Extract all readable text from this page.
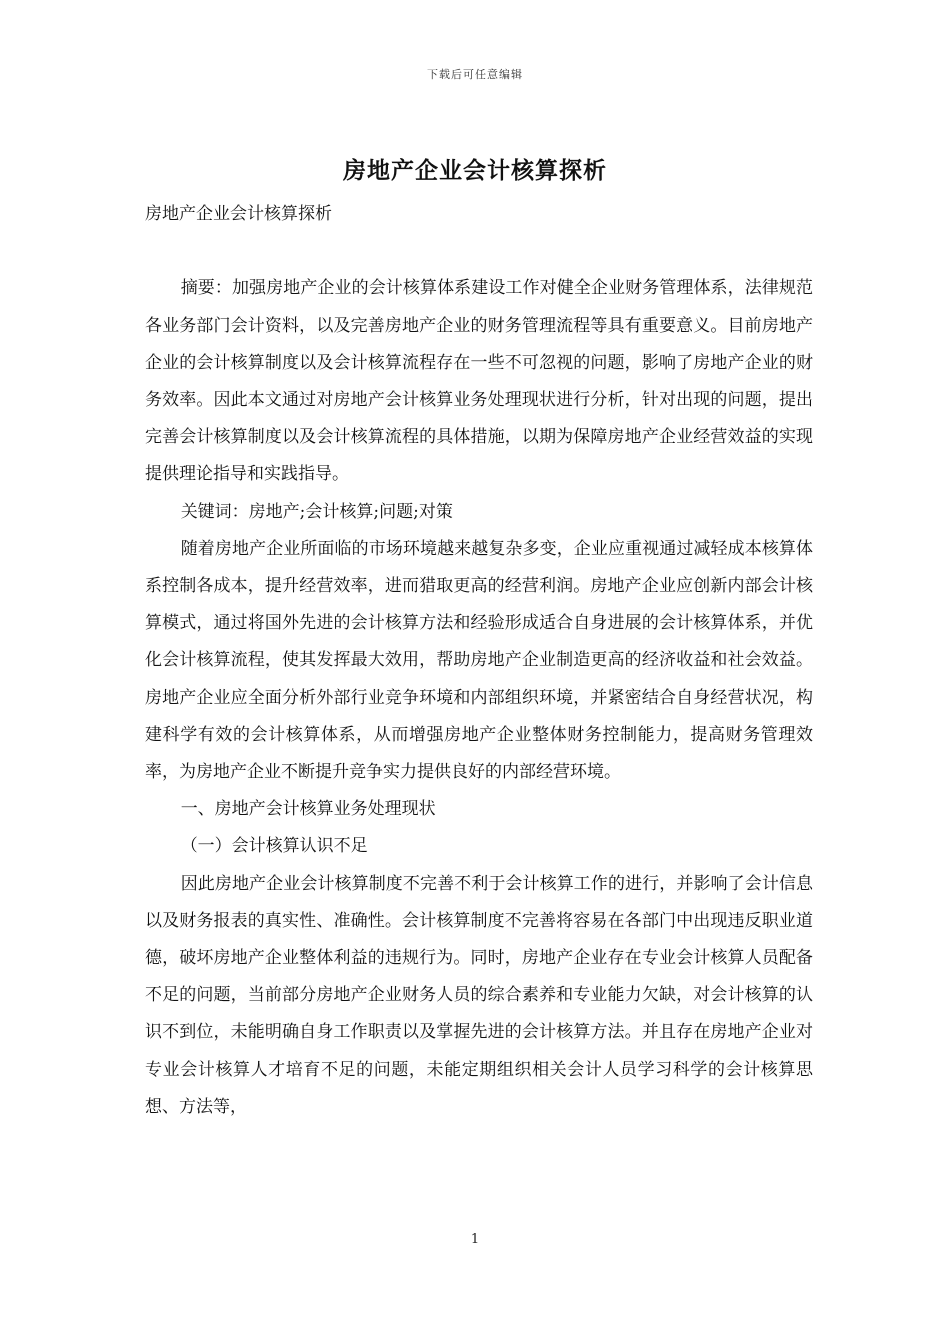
下载后可任意编辑
房地产企业会计核算探析

房地产企业会计核算探析

摘要：加强房地产企业的会计核算体系建设工作对健全企业财务管理体系，法律规范各业务部门会计资料，以及完善房地产企业的财务管理流程等具有重要意义。目前房地产企业的会计核算制度以及会计核算流程存在一些不可忽视的问题，影响了房地产企业的财务效率。因此本文通过对房地产会计核算业务处理现状进行分析，针对出现的问题，提出完善会计核算制度以及会计核算流程的具体措施，以期为保障房地产企业经营效益的实现提供理论指导和实践指导。

关键词：房地产;会计核算;问题;对策

随着房地产企业所面临的市场环境越来越复杂多变，企业应重视通过减轻成本核算体系控制各成本，提升经营效率，进而猎取更高的经营利润。房地产企业应创新内部会计核算模式，通过将国外先进的会计核算方法和经验形成适合自身进展的会计核算体系，并优化会计核算流程，使其发挥最大效用，帮助房地产企业制造更高的经济收益和社会效益。房地产企业应全面分析外部行业竞争环境和内部组织环境，并紧密结合自身经营状况，构建科学有效的会计核算体系，从而增强房地产企业整体财务控制能力，提高财务管理效率，为房地产企业不断提升竞争实力提供良好的内部经营环境。

一、房地产会计核算业务处理现状

（一）会计核算认识不足

因此房地产企业会计核算制度不完善不利于会计核算工作的进行，并影响了会计信息以及财务报表的真实性、准确性。会计核算制度不完善将容易在各部门中出现违反职业道德，破坏房地产企业整体利益的违规行为。同时，房地产企业存在专业会计核算人员配备不足的问题，当前部分房地产企业财务人员的综合素养和专业能力欠缺，对会计核算的认识不到位，未能明确自身工作职责以及掌握先进的会计核算方法。并且存在房地产企业对专业会计核算人才培育不足的问题，未能定期组织相关会计人员学习科学的会计核算思想、方法等，

1
